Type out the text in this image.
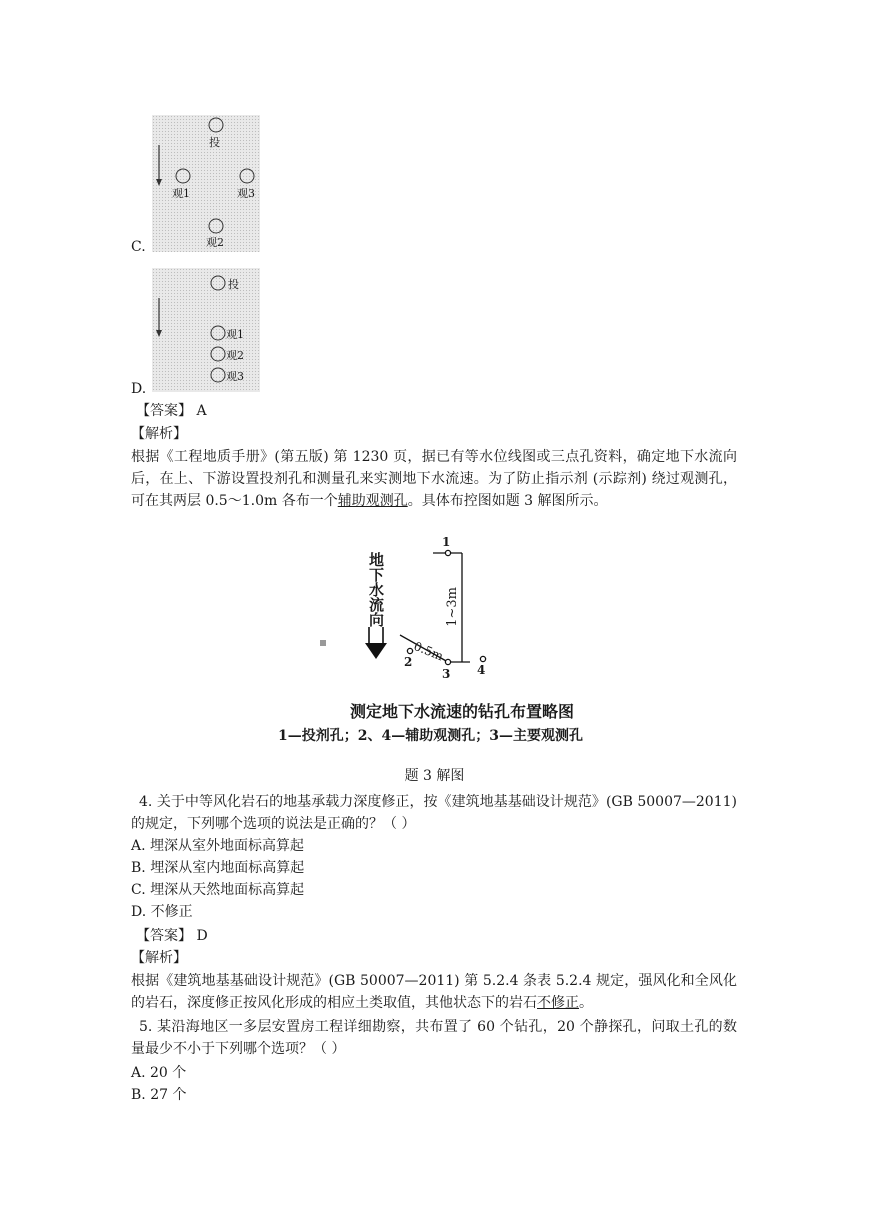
投
观1	观3
观2
C.
投
观1
观2
观3
D.
【答案】 A
【解析】
根据《工程地质手册》(第五版) 第 1230 页，据已有等水位线图或三点孔资料，确定地下水流向后，在上、下游设置投剂孔和测量孔来实测地下水流速。为了防止指示剂 (示踪剂) 绕过观测孔，可在其两层 0.5～1.0m 各布一个辅助观测孔。具体布控图如题 3 解图所示。
地下水流向
1
1~3m
0.5m
2
3 4
测定地下水流速的钻孔布置略图
1—投剂孔；2、4—辅助观测孔；3—主要观测孔
题 3 解图
4. 关于中等风化岩石的地基承载力深度修正，按《建筑地基基础设计规范》(GB 50007—2011) 的规定，下列哪个选项的说法是正确的？（ ）
A. 埋深从室外地面标高算起
B. 埋深从室内地面标高算起
C. 埋深从天然地面标高算起
D. 不修正
【答案】 D
【解析】
根据《建筑地基基础设计规范》(GB 50007—2011) 第 5.2.4 条表 5.2.4 规定，强风化和全风化的岩石，深度修正按风化形成的相应土类取值，其他状态下的岩石不修正。
5. 某沿海地区一多层安置房工程详细勘察，共布置了 60 个钻孔，20 个静探孔，问取土孔的数量最少不小于下列哪个选项？（ ）
A. 20 个
B. 27 个
